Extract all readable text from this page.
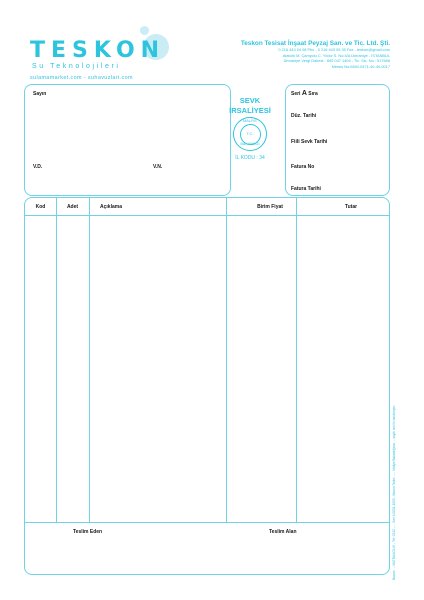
TESKON
Su Teknolojileri
sulamamarket.com - suhavuzlari.com
Teskon Tesisat İnşaat Peyzaj San. ve Tic. Ltd. Şti.
0 216 443 04 08 Pbx - 0 216 443 05 35 Fax - teskon@gmail.com
Atatürk M. Çamyolu C. Yıldız S. No:4/A Ümraniye - İSTANBUL
Ümraniye Vergi Dairesi - 840 047 1404 - Tic. Sic. No.: 517666
Mersis No:0840-0471-40-40-0017
Sayın
V.D.	V.N.
SEVK
İRSALİYESİ
MALİYE
T.C.
BAKANLIĞI
İL KODU : 34
Seri A Sıra
Düz. Tarihi
Fiili Sevk Tarihi
Fatura No
Fatura Tarihi
Kod	Adet	Açıklama	Birim Fiyat	Tutar
Teslim Eden	Teslim Alan	Basım: ... MATBAACILIK - Tel: 0212 ... - Seri A 0001-1000 - Basım Tarihi: ... - Maliye Bakanlığının ... sayılı izni ile basılmıştır.
